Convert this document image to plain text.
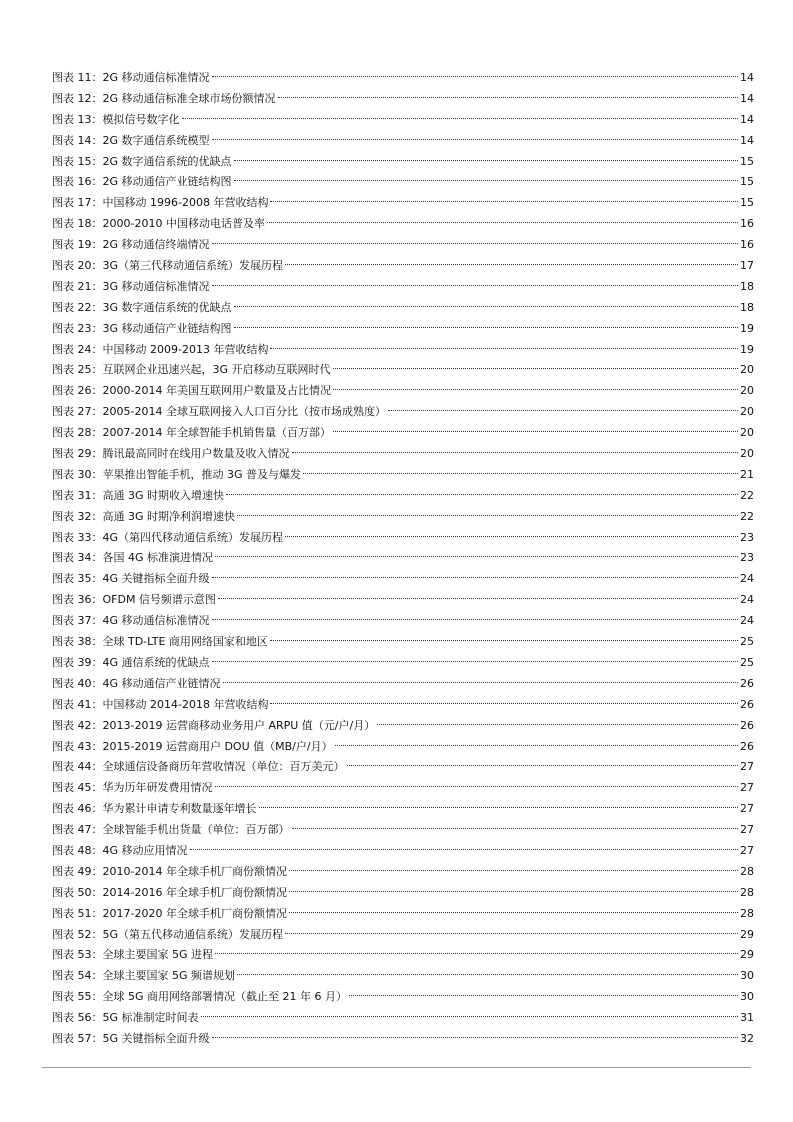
图表 11：2G 移动通信标准情况	14
图表 12：2G 移动通信标准全球市场份额情况	14
图表 13：模拟信号数字化	14
图表 14：2G 数字通信系统模型	14
图表 15：2G 数字通信系统的优缺点	15
图表 16：2G 移动通信产业链结构图	15
图表 17：中国移动 1996-2008 年营收结构	15
图表 18：2000-2010 中国移动电话普及率	16
图表 19：2G 移动通信终端情况	16
图表 20：3G（第三代移动通信系统）发展历程	17
图表 21：3G 移动通信标准情况	18
图表 22：3G 数字通信系统的优缺点	18
图表 23：3G 移动通信产业链结构图	19
图表 24：中国移动 2009-2013 年营收结构	19
图表 25：互联网企业迅速兴起，3G 开启移动互联网时代	20
图表 26：2000-2014 年美国互联网用户数量及占比情况	20
图表 27：2005-2014 全球互联网接入人口百分比（按市场成熟度）	20
图表 28：2007-2014 年全球智能手机销售量（百万部）	20
图表 29：腾讯最高同时在线用户数量及收入情况	20
图表 30：苹果推出智能手机，推动 3G 普及与爆发	21
图表 31：高通 3G 时期收入增速快	22
图表 32：高通 3G 时期净利润增速快	22
图表 33：4G（第四代移动通信系统）发展历程	23
图表 34：各国 4G 标准演进情况	23
图表 35：4G 关键指标全面升级	24
图表 36：OFDM 信号频谱示意图	24
图表 37：4G 移动通信标准情况	24
图表 38：全球 TD-LTE 商用网络国家和地区	25
图表 39：4G 通信系统的优缺点	25
图表 40：4G 移动通信产业链情况	26
图表 41：中国移动 2014-2018 年营收结构	26
图表 42：2013-2019 运营商移动业务用户 ARPU 值（元/户/月）	26
图表 43：2015-2019 运营商用户 DOU 值（MB/户/月）	26
图表 44：全球通信设备商历年营收情况（单位：百万美元）	27
图表 45：华为历年研发费用情况	27
图表 46：华为累计申请专利数量逐年增长	27
图表 47：全球智能手机出货量（单位：百万部）	27
图表 48：4G 移动应用情况	27
图表 49：2010-2014 年全球手机厂商份额情况	28
图表 50：2014-2016 年全球手机厂商份额情况	28
图表 51：2017-2020 年全球手机厂商份额情况	28
图表 52：5G（第五代移动通信系统）发展历程	29
图表 53：全球主要国家 5G 进程	29
图表 54：全球主要国家 5G 频谱规划	30
图表 55：全球 5G 商用网络部署情况（截止至 21 年 6 月）	30
图表 56：5G 标准制定时间表	31
图表 57：5G 关键指标全面升级	32
